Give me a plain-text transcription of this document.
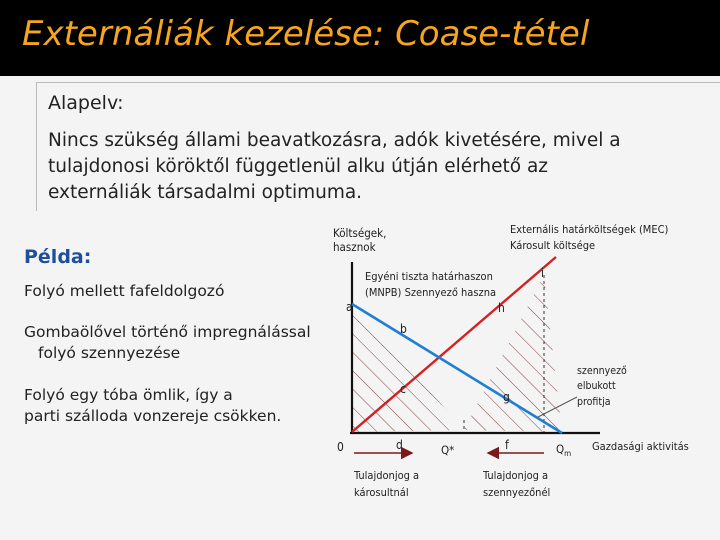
Externáliák kezelése: Coase-tétel
Alapelv:
Nincs szükség állami beavatkozásra, adók kivetésére, mivel a
tulajdonosi köröktől függetlenül alku útján elérhető az
externáliák társadalmi optimuma.
Példa:
Folyó mellett fafeldolgozó
Gombaölővel történő impregnálással
folyó szennyezése
Folyó egy tóba ömlik, így a
parti szálloda vonzereje csökken.
Költségek,
hasznok
Externális határköltségek (MEC)
Károsult költsége
Egyéni tiszta határhaszon
(MNPB) Szennyező haszna
a
b
c
d	f
g
h
i
0	Q*	$Q_m$
Gazdasági aktivitás
szennyező
elbukott
profitja
Tulajdonjog a
károsultnál
Tulajdonjog a
szennyezőnél
